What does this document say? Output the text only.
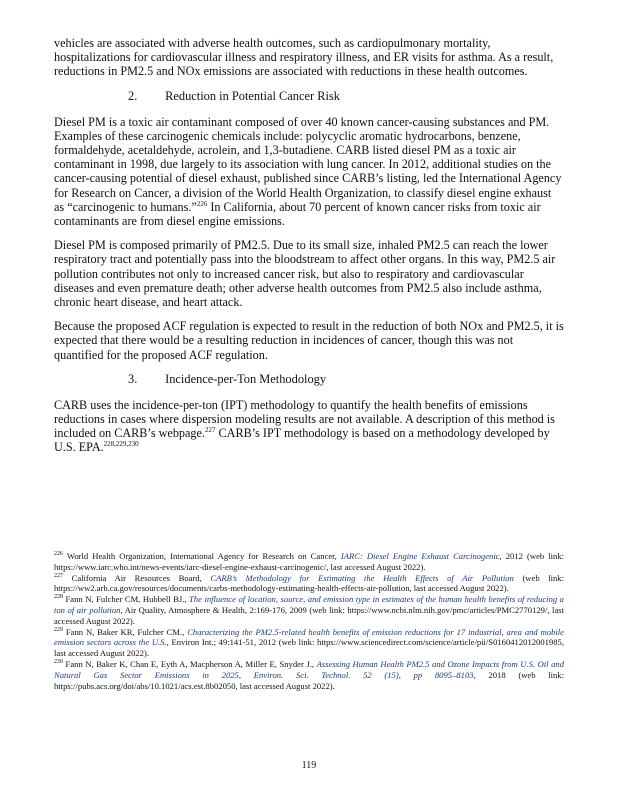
vehicles are associated with adverse health outcomes, such as cardiopulmonary mortality, hospitalizations for cardiovascular illness and respiratory illness, and ER visits for asthma. As a result, reductions in PM2.5 and NOx emissions are associated with reductions in these health outcomes.

2. Reduction in Potential Cancer Risk

Diesel PM is a toxic air contaminant composed of over 40 known cancer-causing substances and PM. Examples of these carcinogenic chemicals include: polycyclic aromatic hydrocarbons, benzene, formaldehyde, acetaldehyde, acrolein, and 1,3-butadiene. CARB listed diesel PM as a toxic air contaminant in 1998, due largely to its association with lung cancer. In 2012, additional studies on the cancer-causing potential of diesel exhaust, published since CARB’s listing, led the International Agency for Research on Cancer, a division of the World Health Organization, to classify diesel engine exhaust as “carcinogenic to humans.”$^{226}$ In California, about 70 percent of known cancer risks from toxic air contaminants are from diesel engine emissions.

Diesel PM is composed primarily of PM2.5. Due to its small size, inhaled PM2.5 can reach the lower respiratory tract and potentially pass into the bloodstream to affect other organs. In this way, PM2.5 air pollution contributes not only to increased cancer risk, but also to respiratory and cardiovascular diseases and even premature death; other adverse health outcomes from PM2.5 also include asthma, chronic heart disease, and heart attack.

Because the proposed ACF regulation is expected to result in the reduction of both NOx and PM2.5, it is expected that there would be a resulting reduction in incidences of cancer, though this was not quantified for the proposed ACF regulation.

3. Incidence-per-Ton Methodology

CARB uses the incidence-per-ton (IPT) methodology to quantify the health benefits of emissions reductions in cases where dispersion modeling results are not available. A description of this method is included on CARB’s webpage.$^{227}$ CARB’s IPT methodology is based on a methodology developed by U.S. EPA.$^{228,229,230}$

$^{226}$ World Health Organization, International Agency for Research on Cancer, IARC: Diesel Engine Exhaust Carcinogenic, 2012 (web link: https://www.iarc.who.int/news-events/iarc-diesel-engine-exhaust-carcinogenic/, last accessed August 2022).

$^{227}$ California Air Resources Board, CARB’s Methodology for Estimating the Health Effects of Air Pollution (web link: https://ww2.arb.ca.gov/resources/documents/carbs-methodology-estimating-health-effects-air-pollution, last accessed August 2022).

$^{228}$ Fann N, Fulcher CM, Hubbell BJ., The influence of location, source, and emission type in estimates of the human health benefits of reducing a ton of air pollution, Air Quality, Atmosphere & Health, 2:169-176, 2009 (web link: https://www.ncbi.nlm.nih.gov/pmc/articles/PMC2770129/, last accessed August 2022).

$^{229}$ Fann N, Baker KR, Fulcher CM., Characterizing the PM2.5-related health benefits of emission reductions for 17 industrial, area and mobile emission sectors across the U.S., Environ Int.; 49:141-51, 2012 (web link: https://www.sciencedirect.com/science/article/pii/S0160412012001985, last accessed August 2022).

$^{230}$ Fann N, Baker K, Chan E, Eyth A, Macpherson A, Miller E, Snyder J., Assessing Human Health PM2.5 and Ozone Impacts from U.S. Oil and Natural Gas Sector Emissions in 2025, Environ. Sci. Technol. 52 (15), pp 8095–8103, 2018 (web link: https://pubs.acs.org/doi/abs/10.1021/acs.est.8b02050, last accessed August 2022).

119
